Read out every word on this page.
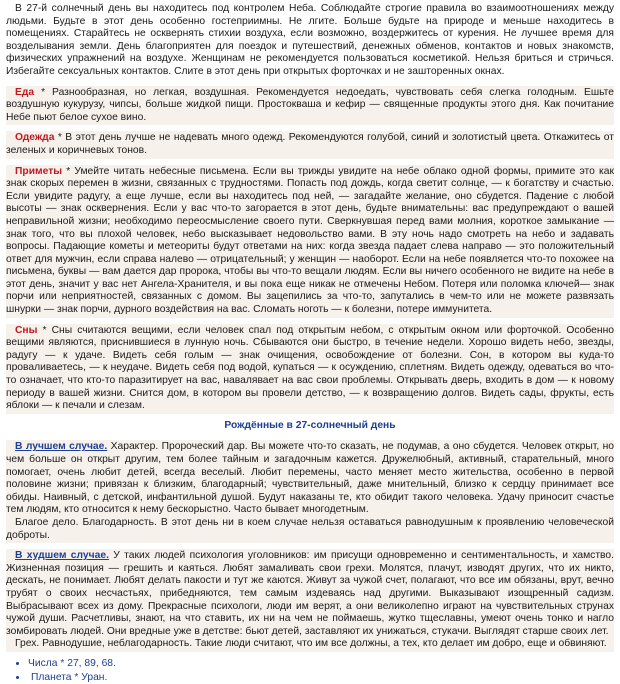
В 27-й солнечный день вы находитесь под контролем Неба. Соблюдайте строгие правила во взаимоотношениях между людьми. Будьте в этот день особенно гостеприимны. Не лгите. Больше будьте на природе и меньше находитесь в помещениях. Старайтесь не осквернять стихии воздуха, если возможно, воздержитесь от курения. Не лучшее время для возделывания земли. День благоприятен для поездок и путешествий, денежных обменов, контактов и новых знакомств, физических упражнений на воздухе. Женщинам не рекомендуется пользоваться косметикой. Нельзя бриться и стричься. Избегайте сексуальных контактов. Слите в этот день при открытых форточках и не зашторенных окнах.

Еда * Разнообразная, но легкая, воздушная. Рекомендуется недоедать, чувствовать себя слегка голодным. Ешьте воздушную кукурузу, чипсы, больше жидкой пищи. Простокваша и кефир — священные продукты этого дня. Как почитание Небе пьют белое сухое вино.

Одежда * В этот день лучше не надевать много одежд. Рекомендуются голубой, синий и золотистый цвета. Откажитесь от зеленых и коричневых тонов.

Приметы * Умейте читать небесные письмена. Если вы трижды увидите на небе облако одной формы, примите это как знак скорых перемен в жизни, связанных с трудностями. Попасть под дождь, когда светит солнце, — к богатству и счастью. Если увидите радугу, а еще лучше, если вы находитесь под ней, — загадайте желание, оно сбудется. Падение с любой высоты — знак осквернения. Если у вас что-то загорается в этот день, будьте внимательны: вас предупреждают о вашей неправильной жизни; необходимо переосмысление своего пути. Сверкнувшая перед вами молния, короткое замыкание — знак того, что вы плохой человек, небо высказывает недовольство вами. В эту ночь надо смотреть на небо и задавать вопросы. Падающие кометы и метеориты будут ответами на них: когда звезда падает слева направо — это положительный ответ для мужчин, если справа налево — отрицательный; у женщин — наоборот. Если на небе появляется что-то похожее на письмена, буквы — вам дается дар пророка, чтобы вы что-то вещали людям. Если вы ничего особенного не видите на небе в этот день, значит у вас нет Ангела-Хранителя, и вы пока еще никак не отмечены Небом. Потеря или поломка ключей— знак порчи или неприятностей, связанных с домом. Вы зацепились за что-то, запутались в чем-то или не можете развязать шнурки — знак порчи, дурного воздействия на вас. Сломать ноготь — к болезни, потере иммунитета.

Сны * Сны считаются вещими, если человек спал под открытым небом, с открытым окном или форточкой. Особенно вещими являются, приснившиеся в лунную ночь. Сбываются они быстро, в течение недели. Хорошо видеть небо, звезды, радугу — к удаче. Видеть себя голым — знак очищения, освобождение от болезни. Сон, в котором вы куда-то проваливаетесь, — к неудаче. Видеть себя под водой, купаться — к осуждению, сплетням. Видеть одежду, одеваться во что-то означает, что кто-то паразитирует на вас, навалявает на вас свои проблемы. Открывать дверь, входить в дом — к новому периоду в вашей жизни. Снится дом, в котором вы провели детство, — к возвращению долгов. Видеть сады, фрукты, есть яблоки — к печали и слезам.

Рождённые в 27-солнечный день

В лучшем случае. Характер. Пророческий дар. Вы можете что-то сказать, не подумав, а оно сбудется. Человек открыт, но чем больше он открыт другим, тем более тайным и загадочным кажется. Дружелюбный, активный, старательный, много помогает, очень любит детей, всегда веселый. Любит перемены, часто меняет место жительства, особенно в первой половине жизни; привязан к близким, благодарный; чувствительный, даже мнительный, близко к сердцу принимает все обиды. Наивный, с детской, инфантильной душой. Будут наказаны те, кто обидит такого человека. Удачу приносит счастье тем людям, кто относится к нему бескорыстно. Часто бывает многодетным.

Благое дело. Благодарность. В этот день ни в коем случае нельзя оставаться равнодушным к проявлению человеческой доброты.

В худшем случае. У таких людей психология уголовников: им присущи одновременно и сентиментальность, и хамство. Жизненная позиция — грешить и каяться. Любят замаливать свои грехи. Молятся, плачут, изводят других, что их никто, дескать, не понимает. Любят делать пакости и тут же каются. Живут за чужой счет, полагают, что все им обязаны, врут, вечно трубят о своих несчастьях, прибедняются, тем самым издеваясь над другими. Выказывают изощренный садизм. Выбрасывают всех из дому. Прекрасные психологи, люди им верят, а они великолепно играют на чувствительных струнах чужой души. Расчетливы, знают, на что ставить, их ни на чем не поймаешь, жутко тщеславны, умеют очень тонко и нагло зомбировать людей. Они вредные уже в детстве: бьют детей, заставляют их унижаться, стукачи. Выглядят старше своих лет.

Грех. Равнодушие, неблагодарность. Такие люди считают, что им все должны, а тех, кто делает им добро, еще и обвиняют.

• Числа * 27, 89, 68.
• Планета * Уран.
